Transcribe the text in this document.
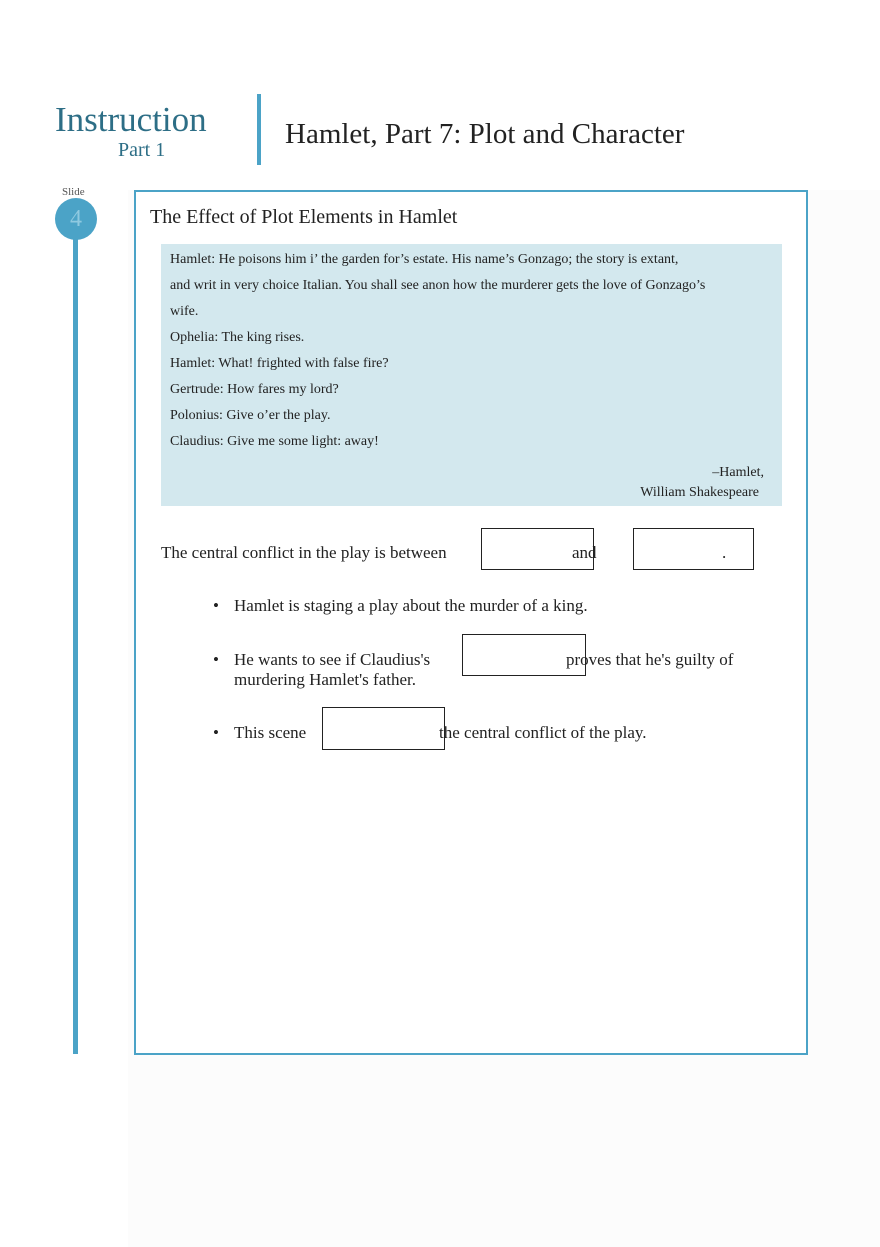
Instruction
Part 1	Hamlet, Part 7: Plot and Character
Slide
4	The Effect of Plot Elements in Hamlet
Hamlet: He poisons him i’ the garden for’s estate. His name’s Gonzago; the story is extant,
and writ in very choice Italian. You shall see anon how the murderer gets the love of Gonzago’s
wife.
Ophelia: The king rises.
Hamlet: What! frighted with false fire?
Gertrude: How fares my lord?
Polonius: Give o’er the play.
Claudius: Give me some light: away!
–Hamlet,
William Shakespeare
The central conflict in the play is between	and	.
• Hamlet is staging a play about the murder of a king.
• He wants to see if Claudius's	proves that he's guilty of
murdering Hamlet's father.
• This scene	the central conflict of the play.
